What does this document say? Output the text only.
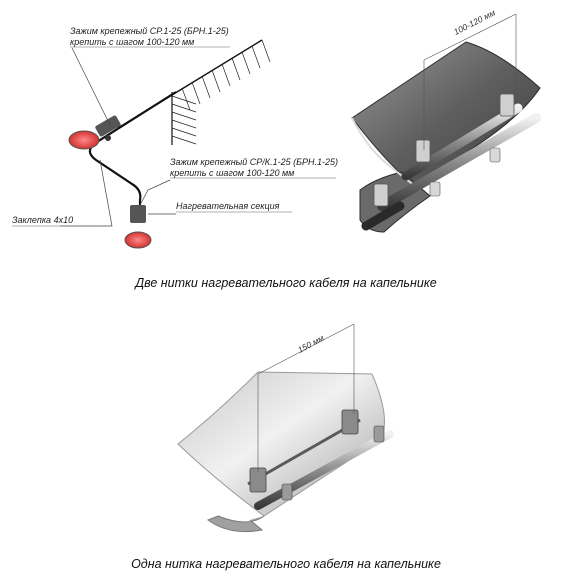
Зажим крепежный СР.1-25 (БРН.1-25)
крепить с шагом 100-120 мм
Зажим крепежный СР/К.1-25 (БРН.1-25)
крепить с шагом 100-120 мм
Заклепка 4х10
Нагревательная секция
100-120 мм
Две нитки нагревательного кабеля на капельнике
150 мм
Одна нитка нагревательного кабеля на капельнике
